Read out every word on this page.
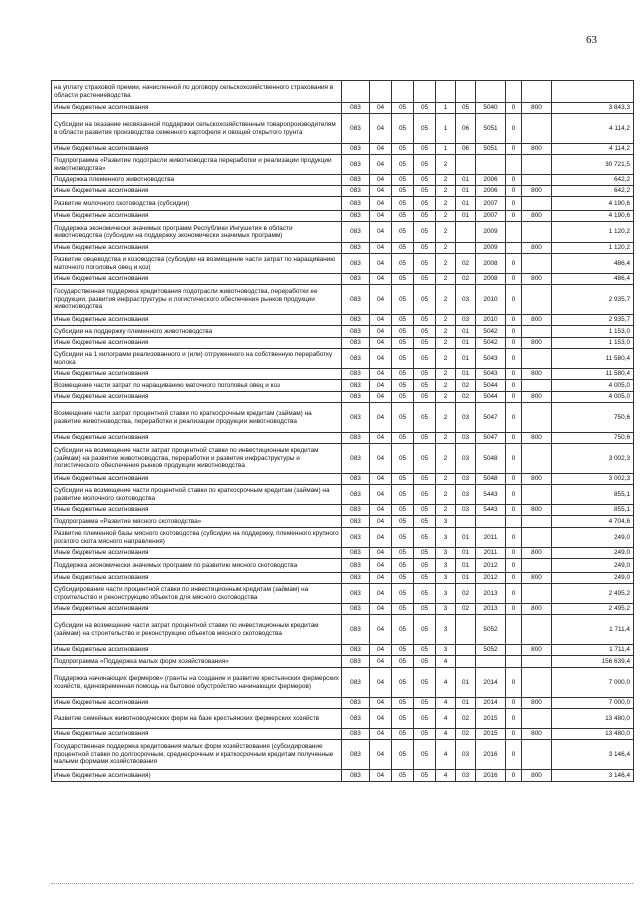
63
на уплату страховой премии, начисленной по договору сельскохозяйственного страхования в области растениеводства										
Иные бюджетные ассигнования	083	04	05	05	1	05	5040	0	800	3 843,3
Субсидии на оказание несвязанной поддержки сельскохозяйственным товаропроизводителям в области развития производства семенного картофеля и овощей открытого грунта	083	04	05	05	1	06	5051	0		4 114,2
Иные бюджетные ассигнования	083	04	05	05	1	06	5051	0	800	4 114,2
Подпрограмма «Развитие подотрасли животноводства переработки и реализации продукции животноводства»	083	04	05	05	2					30 721,5
Поддержка племенного животноводства	083	04	05	05	2	01	2006	0		642,2
Иные бюджетные ассигнования	083	04	05	05	2	01	2006	0	800	642,2
Развитие молочного скотоводства (субсидии)	083	04	05	05	2	01	2007	0		4 190,6
Иные бюджетные ассигнования	083	04	05	05	2	01	2007	0	800	4 190,6
Поддержка экономически значимых программ Республики Ингушетия в области животноводства (субсидии на поддержку экономически значимых программ)	083	04	05	05	2		2009			1 120,2
Иные бюджетные ассигнования	083	04	05	05	2		2009		800	1 120,2
Развитие овцеводства и козоводства (субсидии на возмещение части затрат по наращиванию маточного поголовья овец и коз)	083	04	05	05	2	02	2008	0		486,4
Иные бюджетные ассигнования	083	04	05	05	2	02	2008	0	800	486,4
Государственная поддержка кредитования подотрасли животноводства, переработки ее продукции, развития инфраструктуры и логистического обеспечения рынков продукции животноводства	083	04	05	05	2	03	2010	0		2 935,7
Иные бюджетные ассигнования	083	04	05	05	2	03	2010	0	800	2 935,7
Субсидии на поддержку племенного животноводства	083	04	05	05	2	01	5042	0		1 153,0
Иные бюджетные ассигнования	083	04	05	05	2	01	5042	0	800	1 153,0
Субсидии на 1 килограмм реализованного и (или) отгруженного на собственную переработку молока	083	04	05	05	2	01	5043	0		11 580,4
Иные бюджетные ассигнования	083	04	05	05	2	01	5043	0	800	11 580,4
Возмещение части затрат по наращиванию маточного поголовья овец и коз	083	04	05	05	2	02	5044	0		4 005,0
Иные бюджетные ассигнования	083	04	05	05	2	02	5044	0	800	4 005,0
Возмещение части затрат процентной ставки по краткосрочным кредитам (займам) на развитие животноводства, переработки и реализации продукции животноводства	083	04	05	05	2	03	5047	0		750,6
Иные бюджетные ассигнования	083	04	05	05	2	03	5047	0	800	750,6
Субсидии на возмещение части затрат процентной ставки по инвестиционным кредитам (займам) на развитие животноводства, переработки и развития инфраструктуры и логистического обеспечения рынков продукции животноводства	083	04	05	05	2	03	5048	0		3 002,3
Иные бюджетные ассигнования	083	04	05	05	2	03	5048	0	800	3 002,3
Субсидии на возмещение части процентной ставки по краткосрочным кредитам (займам) на развитие молочного скотоводства	083	04	05	05	2	03	5443	0		855,1
Иные бюджетные ассигнования	083	04	05	05	2	03	5443	0	800	855,1
Подпрограмма «Развитие мясного скотоводства»	083	04	05	05	3					4 704,6
Развитие племенной базы мясного скотоводства (субсидии на поддержку, племенного крупного рогатого скота мясного направления)	083	04	05	05	3	01	2011	0		249,0
Иные бюджетные ассигнования	083	04	05	05	3	01	2011	0	800	249,0
Поддержка экономически значимых программ по развитию мясного скотоводства	083	04	05	05	3	01	2012	0		249,0
Иные бюджетные ассигнования	083	04	05	05	3	01	2012	0	800	249,0
Субсидирование части процентной ставки по инвестиционным кредитам (займам) на строительство и реконструкцию объектов для мясного скотоводства	083	04	05	05	3	02	2013	0		2 495,2
Иные бюджетные ассигнования	083	04	05	05	3	02	2013	0	800	2 495,2
Субсидии на возмещение части затрат процентной ставки по инвестиционным кредитам (займам) на строительство и реконструкцию объектов мясного скотоводства	083	04	05	05	3		5052			1 711,4
Иные бюджетные ассигнования	083	04	05	05	3		5052		800	1 711,4
Подпрограмма «Поддержка малых форм хозяйствования»	083	04	05	05	4					156 639,4
Поддержка начинающих фермеров» (гранты на создание и развитие крестьянских фермерских хозяйств, единовременная помощь на бытовое обустройство начинающих фермеров)	083	04	05	05	4	01	2014	0		7 000,0
Иные бюджетные ассигнования	083	04	05	05	4	01	2014	0	800	7 000,0
Развитие семейных животноводческих ферм на базе крестьянских фермерских хозяйств	083	04	05	05	4	02	2015	0		13 480,0
Иные бюджетные ассигнования	083	04	05	05	4	02	2015	0	800	13 480,0
Государственная поддержка кредитования малых форм хозяйствования (субсидирование процентной ставки по долгосрочным, среднесрочным и краткосрочным кредитам полученные малыми формами хозяйствования	083	04	05	05	4	03	2016	0		3 146,4
Иные бюджетные ассигнования)	083	04	05	05	4	03	2016	0	800	3 146,4
